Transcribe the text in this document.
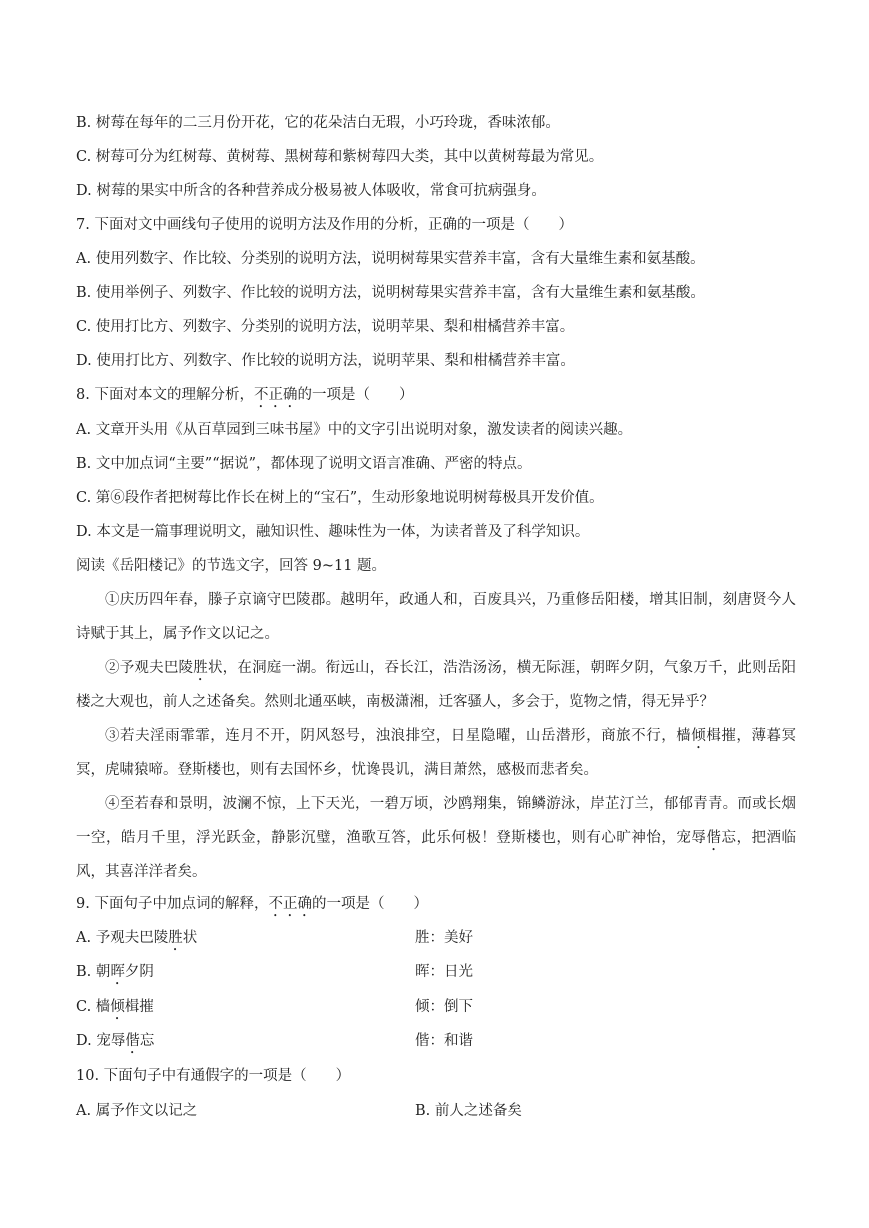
B. 树莓在每年的二三月份开花，它的花朵洁白无瑕，小巧玲珑，香味浓郁。
C. 树莓可分为红树莓、黄树莓、黑树莓和紫树莓四大类，其中以黄树莓最为常见。
D. 树莓的果实中所含的各种营养成分极易被人体吸收，常食可抗病强身。
7. 下面对文中画线句子使用的说明方法及作用的分析，正确的一项是（　　）
A. 使用列数字、作比较、分类别的说明方法，说明树莓果实营养丰富，含有大量维生素和氨基酸。
B. 使用举例子、列数字、作比较的说明方法，说明树莓果实营养丰富，含有大量维生素和氨基酸。
C. 使用打比方、列数字、分类别的说明方法，说明苹果、梨和柑橘营养丰富。
D. 使用打比方、列数字、作比较的说明方法，说明苹果、梨和柑橘营养丰富。
8. 下面对本文的理解分析，不正确的一项是（　　）
A. 文章开头用《从百草园到三味书屋》中的文字引出说明对象，激发读者的阅读兴趣。
B. 文中加点词“主要”“据说”，都体现了说明文语言准确、严密的特点。
C. 第⑥段作者把树莓比作长在树上的“宝石”，生动形象地说明树莓极具开发价值。
D. 本文是一篇事理说明文，融知识性、趣味性为一体，为读者普及了科学知识。
阅读《岳阳楼记》的节选文字，回答 9~11 题。
①庆历四年春，滕子京谪守巴陵郡。越明年，政通人和，百废具兴，乃重修岳阳楼，增其旧制，刻唐贤今人诗赋于其上，属予作文以记之。
②予观夫巴陵胜状，在洞庭一湖。衔远山，吞长江，浩浩汤汤，横无际涯，朝晖夕阴，气象万千，此则岳阳楼之大观也，前人之述备矣。然则北通巫峡，南极潇湘，迁客骚人，多会于，览物之情，得无异乎？
③若夫淫雨霏霏，连月不开，阴风怒号，浊浪排空，日星隐曜，山岳潜形，商旅不行，樯倾楫摧，薄暮冥冥，虎啸猿啼。登斯楼也，则有去国怀乡，忧谗畏讥，满目萧然，感极而悲者矣。
④至若春和景明，波澜不惊，上下天光，一碧万顷，沙鸥翔集，锦鳞游泳，岸芷汀兰，郁郁青青。而或长烟一空，皓月千里，浮光跃金，静影沉璧，渔歌互答，此乐何极！登斯楼也，则有心旷神怡，宠辱偕忘，把酒临风，其喜洋洋者矣。
9. 下面句子中加点词的解释，不正确的一项是（　　）
A. 予观夫巴陵胜状	胜：美好
B. 朝晖夕阴	晖：日光
C. 樯倾楫摧	倾：倒下
D. 宠辱偕忘	偕：和谐
10. 下面句子中有通假字的一项是（　　）
A. 属予作文以记之	B. 前人之述备矣
